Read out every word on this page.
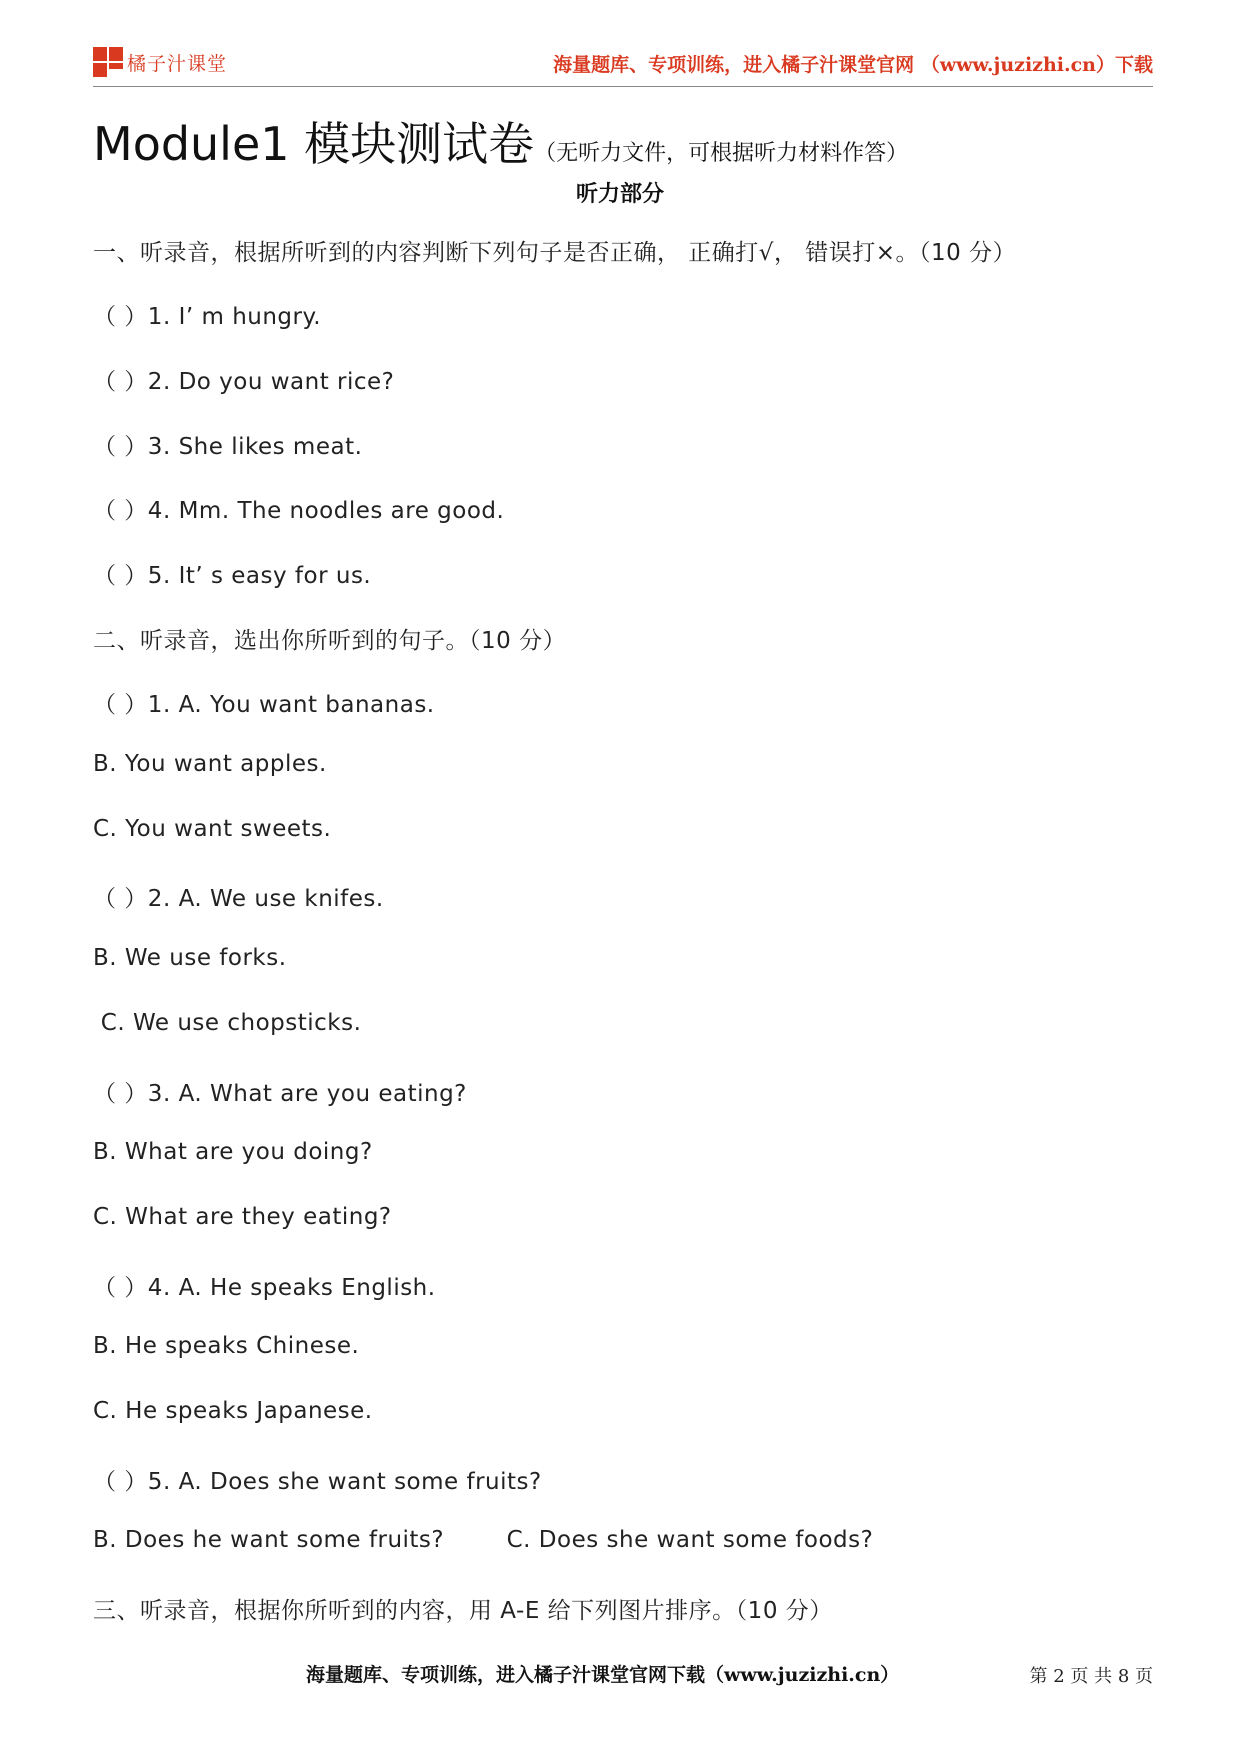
橘子汁课堂	海量题库、专项训练，进入橘子汁课堂官网 （www.juzizhi.cn）下载
Module1 模块测试卷（无听力文件，可根据听力材料作答）
听力部分
一、听录音，根据所听到的内容判断下列句子是否正确， 正确打√， 错误打×。（10 分）
（ ）1. I’ m hungry.
（ ）2. Do you want rice?
（ ）3. She likes meat.
（ ）4. Mm. The noodles are good.
（ ）5. It’ s easy for us.
二、听录音，选出你所听到的句子。（10 分）
（ ）1. A. You want bananas.
B. You want apples.
C. You want sweets.
（ ）2. A. We use knifes.
B. We use forks.
C. We use chopsticks.
（ ）3. A. What are you eating?
B. What are you doing?
C. What are they eating?
（ ）4. A. He speaks English.
B. He speaks Chinese.
C. He speaks Japanese.
（ ）5. A. Does she want some fruits?
B. Does he want some fruits?        C. Does she want some foods?
三、听录音，根据你所听到的内容，用 A-E 给下列图片排序。（10 分）
海量题库、专项训练，进入橘子汁课堂官网下载（www.juzizhi.cn）	第 2 页 共 8 页
